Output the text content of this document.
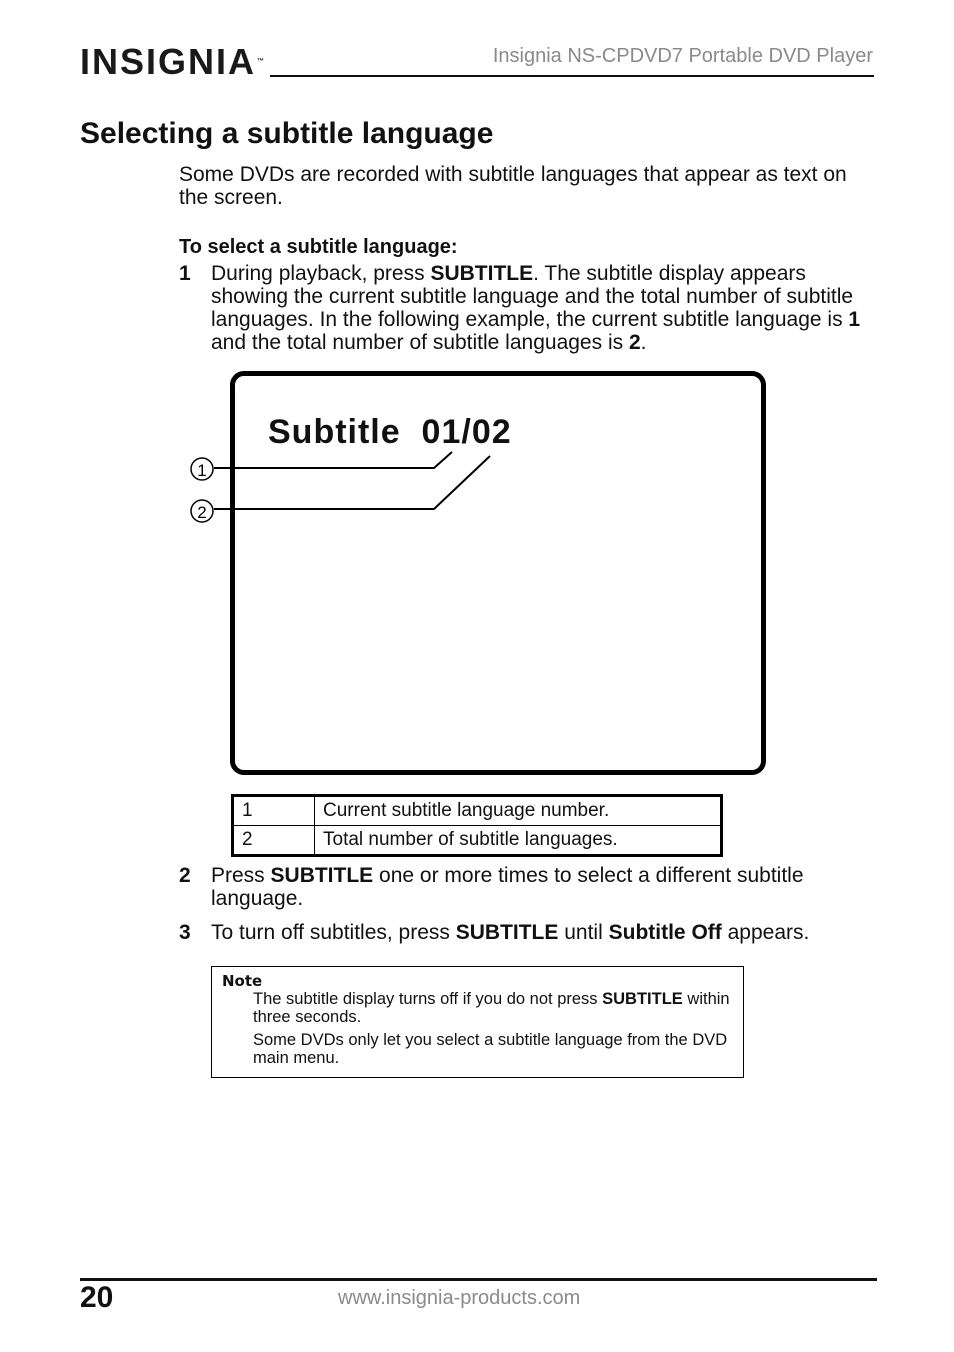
INSIGNIA™	Insignia NS-CPDVD7 Portable DVD Player
Selecting a subtitle language
Some DVDs are recorded with subtitle languages that appear as text on the screen.
To select a subtitle language:
1 During playback, press SUBTITLE. The subtitle display appears showing the current subtitle language and the total number of subtitle languages. In the following example, the current subtitle language is 1 and the total number of subtitle languages is 2.
Subtitle  01/02
1
2
1	Current subtitle language number.
2	Total number of subtitle languages.
2 Press SUBTITLE one or more times to select a different subtitle language.
3 To turn off subtitles, press SUBTITLE until Subtitle Off appears.
Note
The subtitle display turns off if you do not press SUBTITLE within three seconds.
Some DVDs only let you select a subtitle language from the DVD main menu.
20	www.insignia-products.com
